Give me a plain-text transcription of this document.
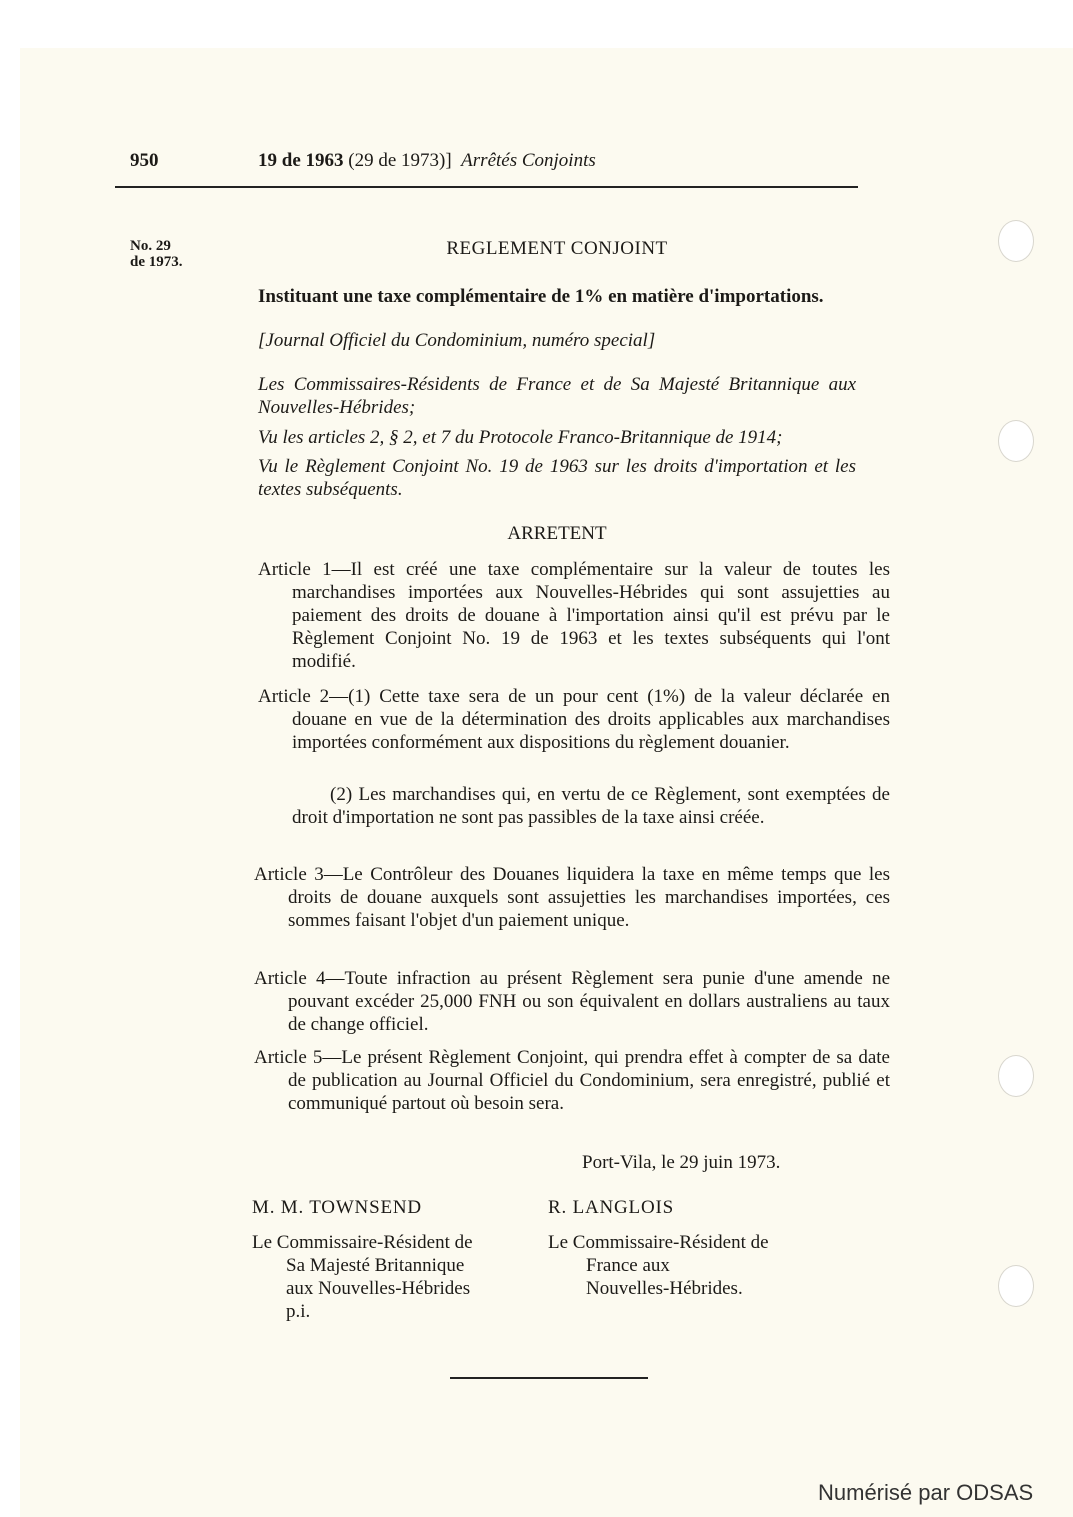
950	19 de 1963 (29 de 1973)] Arrêtés Conjoints
No. 29
de 1973.
REGLEMENT CONJOINT
Instituant une taxe complémentaire de 1% en matière d'importations.
[Journal Officiel du Condominium, numéro special]
Les Commissaires-Résidents de France et de Sa Majesté Britannique aux Nouvelles-Hébrides;
Vu les articles 2, § 2, et 7 du Protocole Franco-Britannique de 1914;
Vu le Règlement Conjoint No. 19 de 1963 sur les droits d'importation et les textes subséquents.
ARRETENT
Article 1—Il est créé une taxe complémentaire sur la valeur de toutes les marchandises importées aux Nouvelles-Hébrides qui sont assujetties au paiement des droits de douane à l'importation ainsi qu'il est prévu par le Règlement Conjoint No. 19 de 1963 et les textes subséquents qui l'ont modifié.
Article 2—(1) Cette taxe sera de un pour cent (1%) de la valeur déclarée en douane en vue de la détermination des droits applicables aux marchandises importées conformément aux dispositions du règlement douanier.
(2) Les marchandises qui, en vertu de ce Règlement, sont exemptées de droit d'importation ne sont pas passibles de la taxe ainsi créée.
Article 3—Le Contrôleur des Douanes liquidera la taxe en même temps que les droits de douane auxquels sont assujetties les marchandises importées, ces sommes faisant l'objet d'un paiement unique.
Article 4—Toute infraction au présent Règlement sera punie d'une amende ne pouvant excéder 25,000 FNH ou son équivalent en dollars australiens au taux de change officiel.
Article 5—Le présent Règlement Conjoint, qui prendra effet à compter de sa date de publication au Journal Officiel du Condominium, sera enregistré, publié et communiqué partout où besoin sera.
Port-Vila, le 29 juin 1973.
M. M. TOWNSEND
Le Commissaire-Résident de
Sa Majesté Britannique
aux Nouvelles-Hébrides
p.i.
R. LANGLOIS
Le Commissaire-Résident de
France aux
Nouvelles-Hébrides.
Numérisé par ODSAS
